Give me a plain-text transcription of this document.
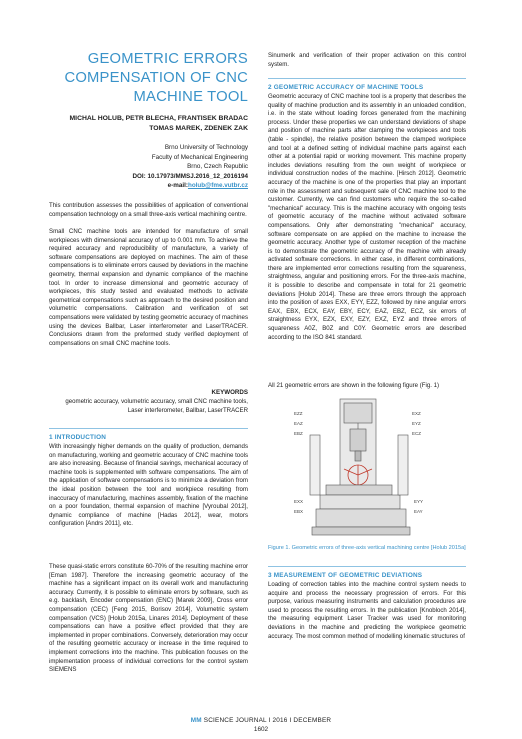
GEOMETRIC ERRORS
COMPENSATION OF CNC
MACHINE TOOL
MICHAL HOLUB, PETR BLECHA, FRANTISEK BRADAC
TOMAS MAREK, ZDENEK ZAK
Brno University of Technology
Faculty of Mechanical Engineering
Brno, Czech Republic
DOI: 10.17973/MMSJ.2016_12_2016194
e-mail:holub@fme.vutbr.cz
This contribution assesses the possibilities of application of conventional compensation technology on a small three-axis vertical machining centre.
Small CNC machine tools are intended for manufacture of small workpieces with dimensional accuracy of up to 0.001 mm. To achieve the required accuracy and reproducibility of manufacture, a variety of software compensations are deployed on machines. The aim of these compensations is to eliminate errors caused by deviations in the machine geometry, thermal expansion and dynamic compliance of the machine tool. In order to increase dimensional and geometric accuracy of workpieces, this study tested and evaluated methods to activate geometrical compensations such as approach to the desired position and volumetric compensations. Calibration and verification of set compensations were validated by testing geometric accuracy of machines using the devices Ballbar, Laser interferometer and LaserTRACER. Conclusions drawn from the preformed study verified deployment of compensations on small CNC machine tools.
KEYWORDS
geometric accuracy, volumetric accuracy, small CNC machine tools, Laser interferometer, Ballbar, LaserTRACER
1 INTRODUCTION
With increasingly higher demands on the quality of production, demands on manufacturing, working and geometric accuracy of CNC machine tools are also increasing. Because of financial savings, mechanical accuracy of machine tools is supplemented with software compensations. The aim of the application of software compensations is to minimize a deviation from the ideal position between the tool and workpiece resulting from inaccuracy of manufacturing, machines assembly, fixation of the machine on a poor foundation, thermal expansion of machine [Vyroubal 2012], dynamic compliance of machine [Hadas 2012], wear, motors configuration [Andrs 2011], etc.
These quasi-static errors constitute 60-70% of the resulting machine error [Eman 1987]. Therefore the increasing geometric accuracy of the machine has a significant impact on its overall work and manufacturing accuracy. Currently, it is possible to eliminate errors by software, such as e.g. backlash, Encoder compensation (ENC) [Marek 2009], Cross error compensation (CEC) [Feng 2015, Borisov 2014], Volumetric system compensation (VCS) [Holub 2015a, Linares 2014]. Deployment of these compensations can have a positive effect provided that they are implemented in proper combinations. Conversely, deterioration may occur of the resulting geometric accuracy or increase in the time required to implement corrections into the machine. This publication focuses on the implementation process of individual corrections for the control system SIEMENS
Sinumerik and verification of their proper activation on this control system.
2 GEOMETRIC ACCURACY OF MACHINE TOOLS
Geometric accuracy of CNC machine tool is a property that describes the quality of machine production and its assembly in an unloaded condition, i.e. in the state without loading forces generated from the machining process. Under these properties we can understand deviations of shape and position of machine parts after clamping the workpieces and tools (table - spindle), the relative position between the clamped workpiece and tool at a defined setting of individual machine parts against each other at a potential rapid or working movement. This machine property includes deviations resulting from the own weight of workpiece or individual construction nodes of the machine. [Hirsch 2012]. Geometric accuracy of the machine is one of the properties that play an important role in the assessment and subsequent sale of CNC machine tool to the customer. Currently, we can find customers who require the so-called "mechanical" accuracy. This is the machine accuracy with ongoing tests of geometric accuracy of the machine without activated software compensations. Only after demonstrating "mechanical" accuracy, software compensate on are applied on the machine to increase the geometric accuracy. Another type of customer reception of the machine is to demonstrate the geometric accuracy of the machine with already activated software corrections. In either case, in different combinations, there are implemented error corrections resulting from the squareness, straightness, angular and positioning errors. For the three-axis machine, it is possible to describe and compensate in total for 21 geometric deviations [Holub 2014]. These are three errors through the approach into the position of axes EXX, EYY, EZZ, followed by nine angular errors EAX, EBX, ECX, EAY, EBY, ECY, EAZ, EBZ, ECZ, six errors of straightness EYX, EZX, EXY, EZY, EXZ, EYZ and three errors of squareness A0Z, B0Z and C0Y. Geometric errors are described according to the ISO 841 standard.
All 21 geometric errors are shown in the following figure (Fig. 1)
EZZ
EAZ
EBZ
EXZ
EYZ
ECZ
EXX
EBX
EYY
EAY
Figure 1. Geometric errors of three-axis vertical machining centre [Holub 2015a]
3 MEASUREMENT OF GEOMETRIC DEVIATIONS
Loading of correction tables into the machine control system needs to acquire and process the necessary progression of errors. For this purpose, various measuring instruments and calculation procedures are used to process the resulting errors. In the publication [Knobloch 2014], the measuring equipment Laser Tracker was used for monitoring deviations in the machine and predicting the workpiece geometric accuracy. The most common method of modelling kinematic structures of
MM SCIENCE JOURNAL I 2016 I DECEMBER
1602
